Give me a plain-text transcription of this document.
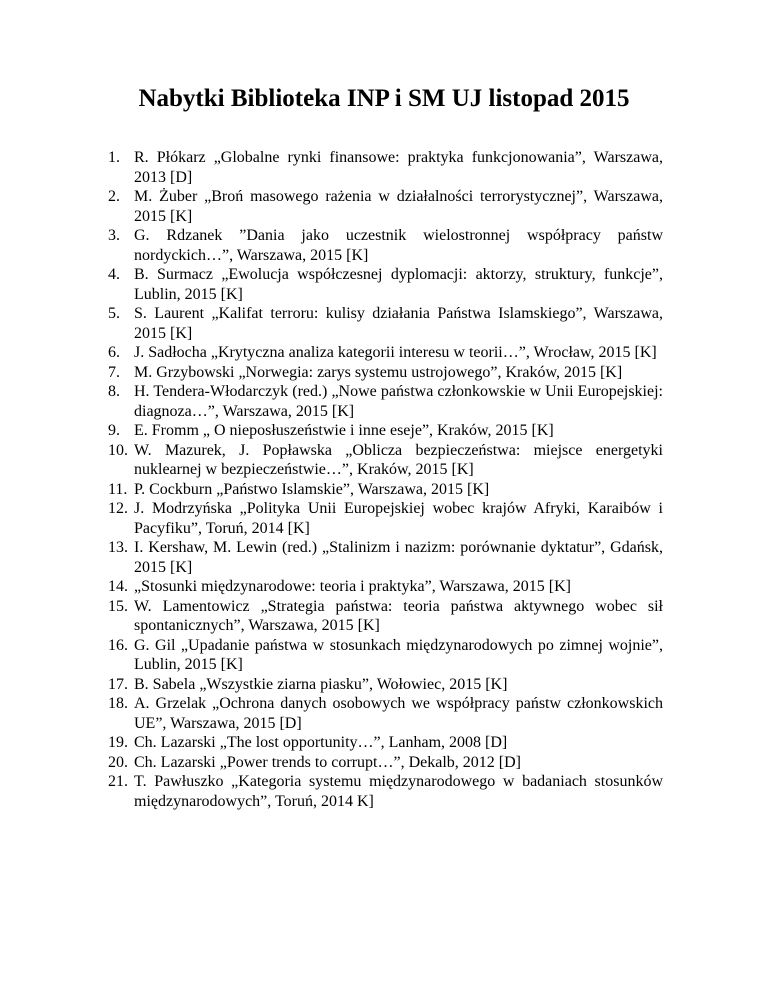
Nabytki Biblioteka INP i SM UJ listopad 2015
1. R. Płókarz „Globalne rynki finansowe: praktyka funkcjonowania”, Warszawa, 2013 [D]
2. M. Żuber „Broń masowego rażenia w działalności terrorystycznej”, Warszawa, 2015 [K]
3. G. Rdzanek ”Dania jako uczestnik wielostronnej współpracy państw nordyckich…”, Warszawa, 2015 [K]
4. B. Surmacz „Ewolucja współczesnej dyplomacji: aktorzy, struktury, funkcje”, Lublin, 2015 [K]
5. S. Laurent „Kalifat terroru: kulisy działania Państwa Islamskiego”, Warszawa, 2015 [K]
6. J. Sadłocha „Krytyczna analiza kategorii interesu w teorii…”, Wrocław, 2015 [K]
7. M. Grzybowski „Norwegia: zarys systemu ustrojowego”, Kraków, 2015 [K]
8. H. Tendera-Włodarczyk (red.) „Nowe państwa członkowskie w Unii Europejskiej: diagnoza…”, Warszawa, 2015 [K]
9. E. Fromm „ O nieposłuszeństwie i inne eseje”, Kraków, 2015 [K]
10. W. Mazurek, J. Popławska „Oblicza bezpieczeństwa: miejsce energetyki nuklearnej w bezpieczeństwie…”, Kraków, 2015 [K]
11. P. Cockburn „Państwo Islamskie”, Warszawa, 2015 [K]
12. J. Modrzyńska „Polityka Unii Europejskiej wobec krajów Afryki, Karaibów i Pacyfiku”, Toruń, 2014 [K]
13. I. Kershaw, M. Lewin (red.) „Stalinizm i nazizm: porównanie dyktatur”, Gdańsk, 2015 [K]
14. „Stosunki międzynarodowe: teoria i praktyka”, Warszawa, 2015 [K]
15. W. Lamentowicz „Strategia państwa: teoria państwa aktywnego wobec sił spontanicznych”, Warszawa, 2015 [K]
16. G. Gil „Upadanie państwa w stosunkach międzynarodowych po zimnej wojnie”, Lublin, 2015 [K]
17. B. Sabela „Wszystkie ziarna piasku”, Wołowiec, 2015 [K]
18. A. Grzelak „Ochrona danych osobowych we współpracy państw członkowskich UE”, Warszawa, 2015 [D]
19. Ch. Lazarski „The lost opportunity…”, Lanham, 2008 [D]
20. Ch. Lazarski „Power trends to corrupt…”, Dekalb, 2012 [D]
21. T. Pawłuszko „Kategoria systemu międzynarodowego w badaniach stosunków międzynarodowych”, Toruń, 2014 K]
